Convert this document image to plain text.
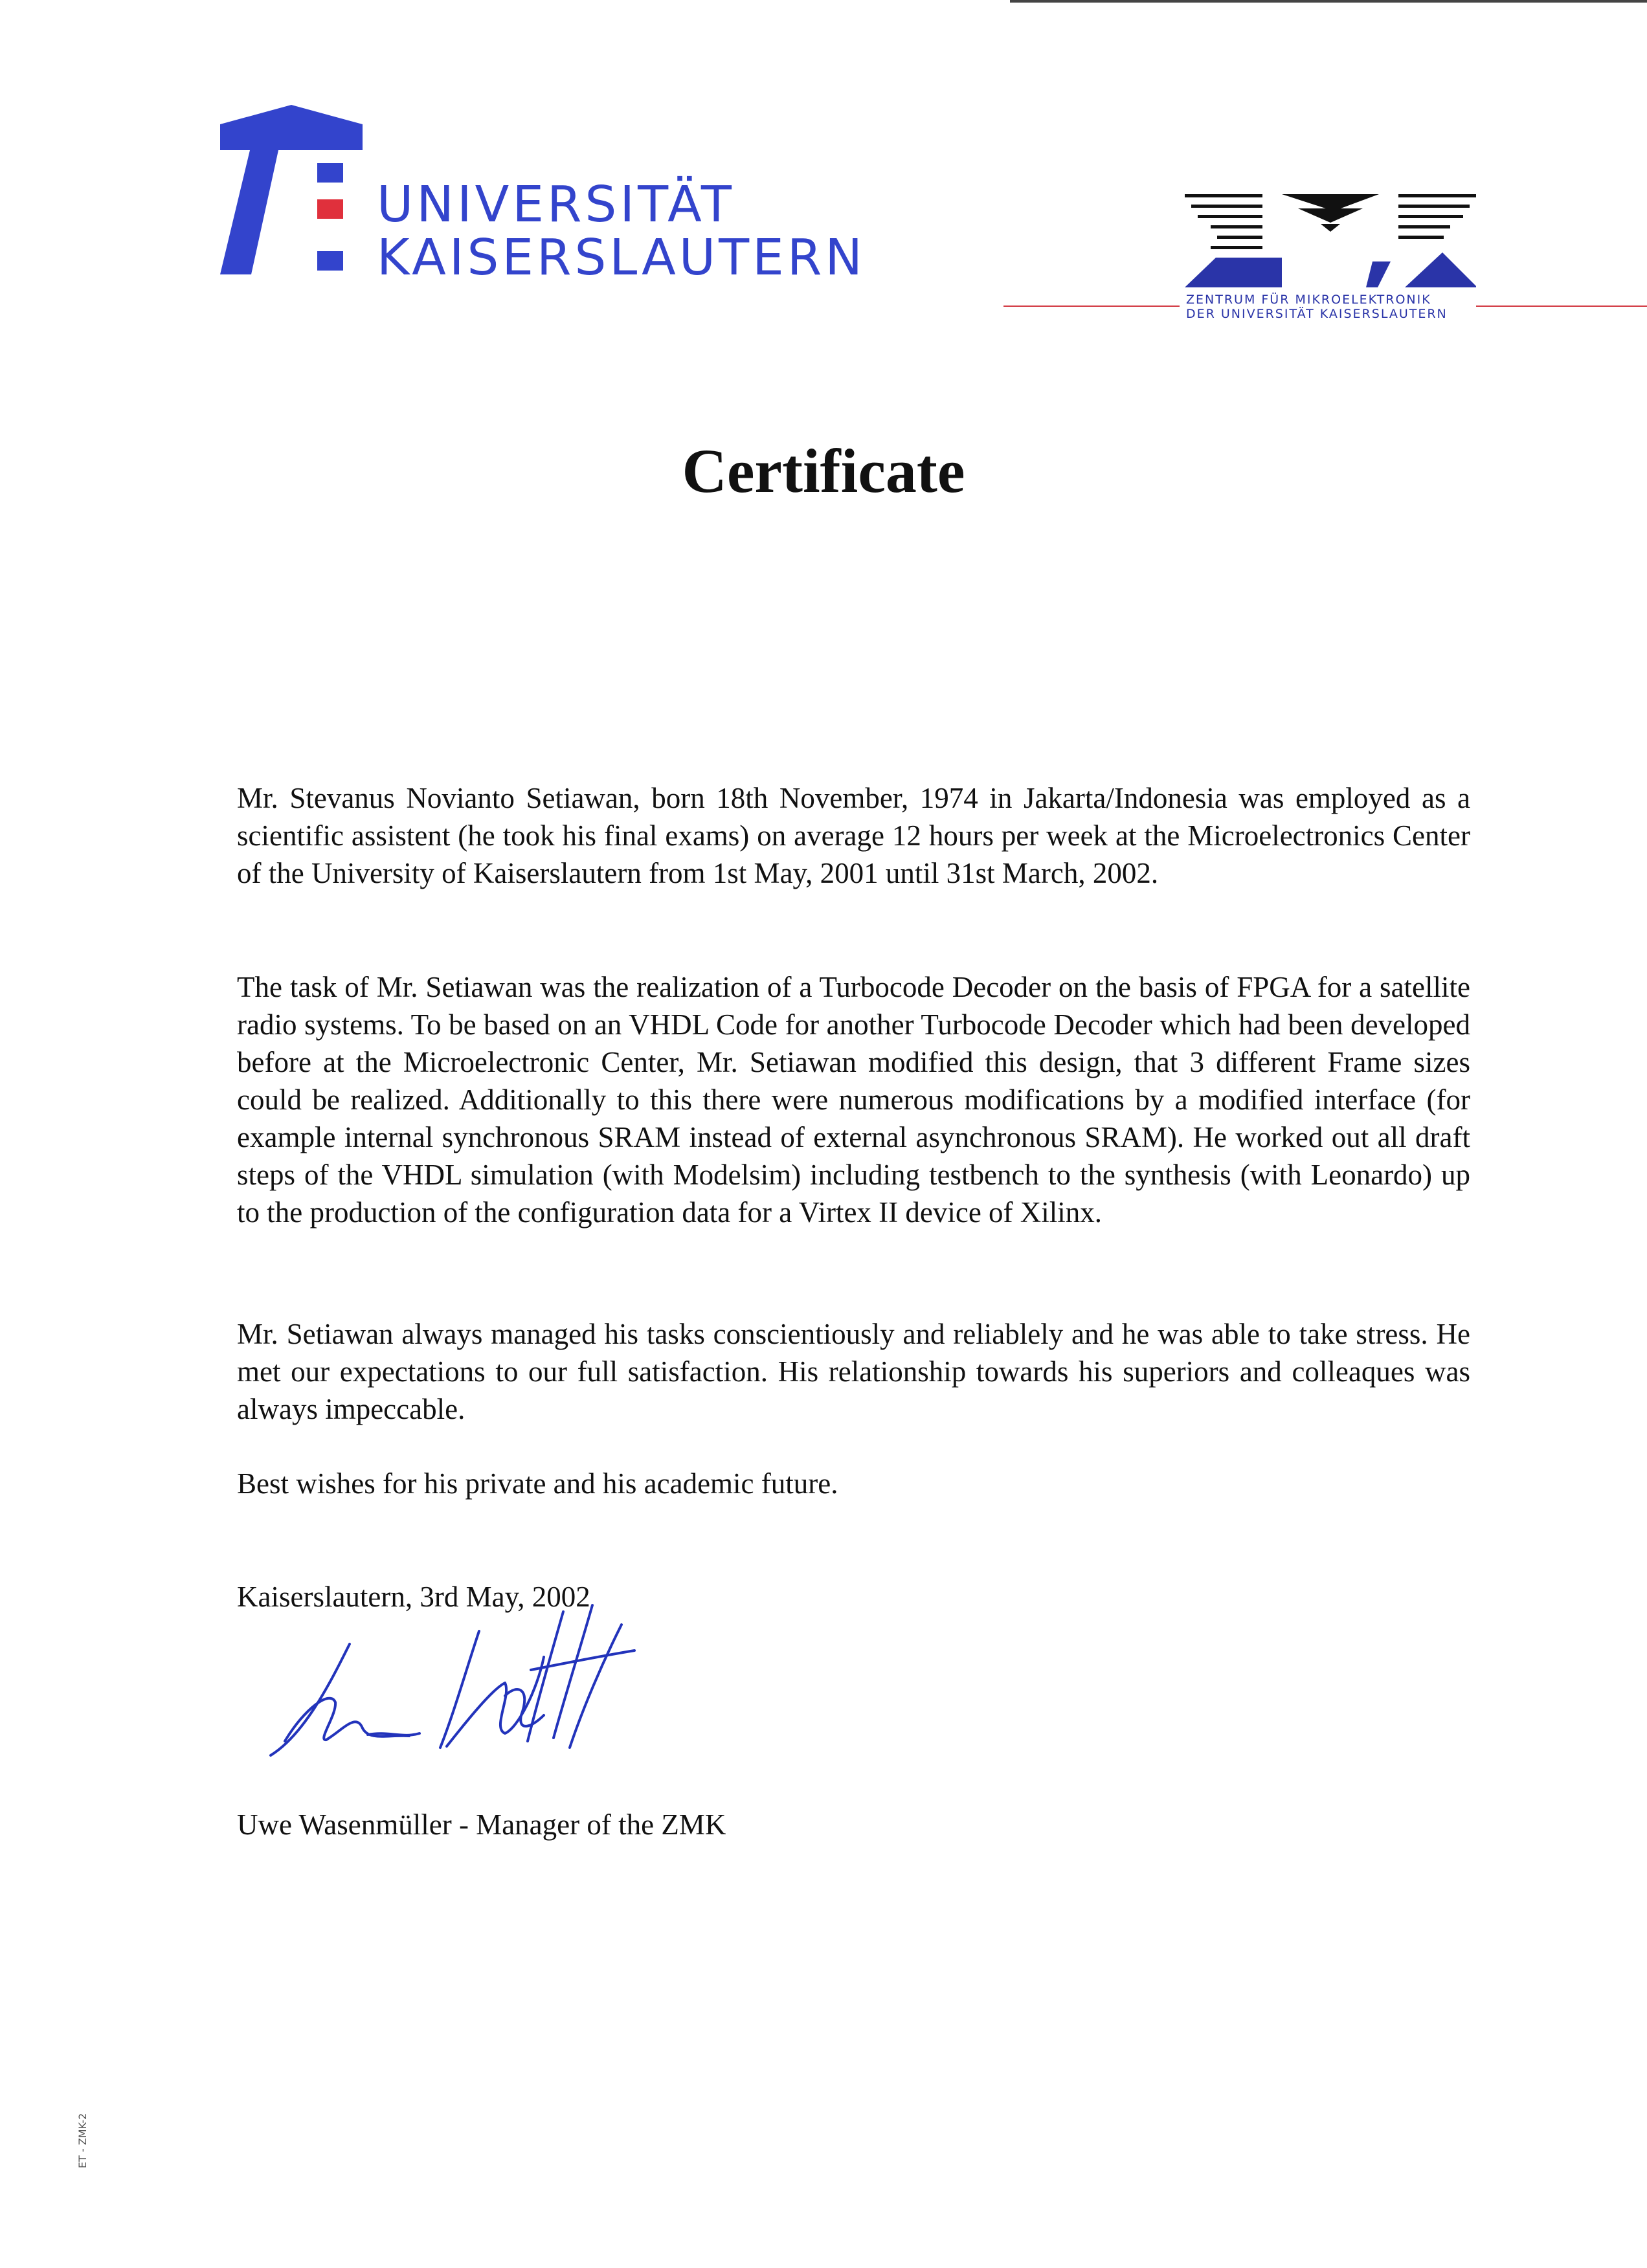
UNIVERSITÄT
KAISERSLAUTERN
ZENTRUM FÜR MIKROELEKTRONIK
DER UNIVERSITÄT KAISERSLAUTERN
Certificate

Mr. Stevanus Novianto Setiawan, born 18th November, 1974 in Jakarta/Indonesia was employed as a scientific assistent (he took his final exams) on average 12 hours per week at the Microelectronics Center of the University of Kaiserslautern from 1st May, 2001 until 31st March, 2002.

The task of Mr. Setiawan was the realization of a Turbocode Decoder on the basis of FPGA for a satellite radio systems. To be based on an VHDL Code for another Turbocode Decoder which had been developed before at the Microelectronic Center, Mr. Setiawan modified this design, that 3 different Frame sizes could be realized. Additionally to this there were numerous modifications by a modified interface (for example internal synchronous SRAM instead of external asynchronous SRAM). He worked out all draft steps of the VHDL simulation (with Modelsim) including testbench to the synthesis (with Leonardo) up to the production of the configuration data for a Virtex II device of Xilinx.

Mr. Setiawan always managed his tasks conscientiously and reliablely and he was able to take stress. He met our expectations to our full satisfaction. His relationship towards his superiors and colleaques was always impeccable.

Best wishes for his private and his academic future.

Kaiserslautern, 3rd May, 2002
Uwe Wasenmüller - Manager of the ZMK
ET - ZMK-2
